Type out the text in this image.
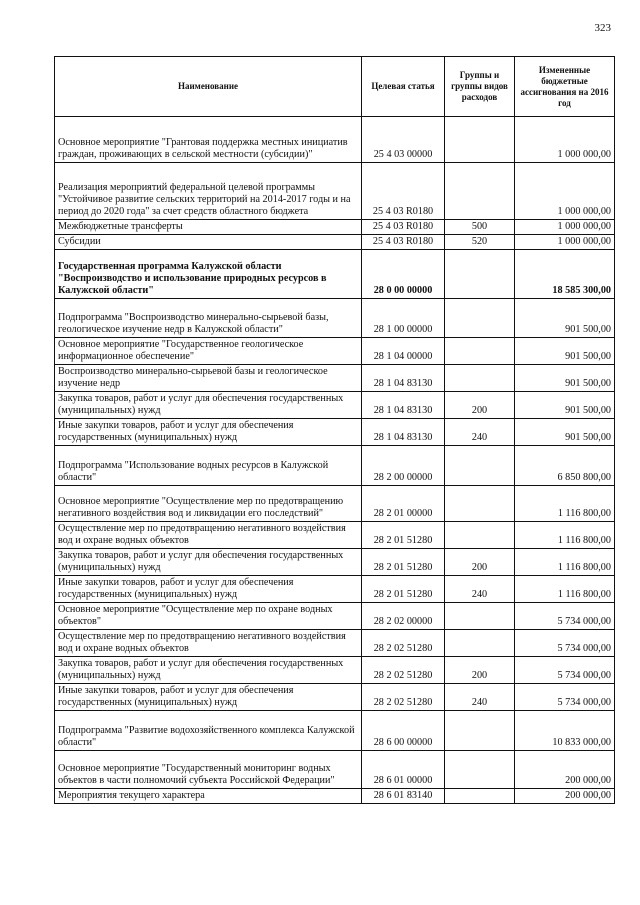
323
Наименование	Целевая статья	Группы и группы видов расходов	Измененные бюджетные ассигнования на 2016 год
Основное мероприятие "Грантовая поддержка местных инициатив граждан, проживающих в сельской местности (субсидии)"	25 4 03 00000		1 000 000,00
Реализация мероприятий федеральной целевой программы "Устойчивое развитие сельских территорий на 2014-2017 годы и на период до 2020 года" за счет средств областного бюджета	25 4 03 R0180		1 000 000,00
Межбюджетные трансферты	25 4 03 R0180	500	1 000 000,00
Субсидии	25 4 03 R0180	520	1 000 000,00
Государственная программа Калужской области "Воспроизводство и использование природных ресурсов в Калужской области"	28 0 00 00000		18 585 300,00
Подпрограмма "Воспроизводство минерально-сырьевой базы, геологическое изучение недр в Калужской области"	28 1 00 00000		901 500,00
Основное мероприятие "Государственное геологическое информационное обеспечение"	28 1 04 00000		901 500,00
Воспроизводство минерально-сырьевой базы и геологическое изучение недр	28 1 04 83130		901 500,00
Закупка товаров, работ и услуг для обеспечения государственных (муниципальных) нужд	28 1 04 83130	200	901 500,00
Иные закупки товаров, работ и услуг для обеспечения государственных (муниципальных) нужд	28 1 04 83130	240	901 500,00
Подпрограмма "Использование водных ресурсов в Калужской области"	28 2 00 00000		6 850 800,00
Основное мероприятие "Осуществление мер по предотвращению негативного воздействия вод и ликвидации его последствий"	28 2 01 00000		1 116 800,00
Осуществление мер по предотвращению негативного воздействия вод и охране водных объектов	28 2 01 51280		1 116 800,00
Закупка товаров, работ и услуг для обеспечения государственных (муниципальных) нужд	28 2 01 51280	200	1 116 800,00
Иные закупки товаров, работ и услуг для обеспечения государственных (муниципальных) нужд	28 2 01 51280	240	1 116 800,00
Основное мероприятие "Осуществление мер по охране водных объектов"	28 2 02 00000		5 734 000,00
Осуществление мер по предотвращению негативного воздействия вод и охране водных объектов	28 2 02 51280		5 734 000,00
Закупка товаров, работ и услуг для обеспечения государственных (муниципальных) нужд	28 2 02 51280	200	5 734 000,00
Иные закупки товаров, работ и услуг для обеспечения государственных (муниципальных) нужд	28 2 02 51280	240	5 734 000,00
Подпрограмма "Развитие водохозяйственного комплекса Калужской области"	28 6 00 00000		10 833 000,00
Основное мероприятие "Государственный мониторинг водных объектов в части полномочий субъекта Российской Федерации"	28 6 01 00000		200 000,00
Мероприятия текущего характера	28 6 01 83140		200 000,00
